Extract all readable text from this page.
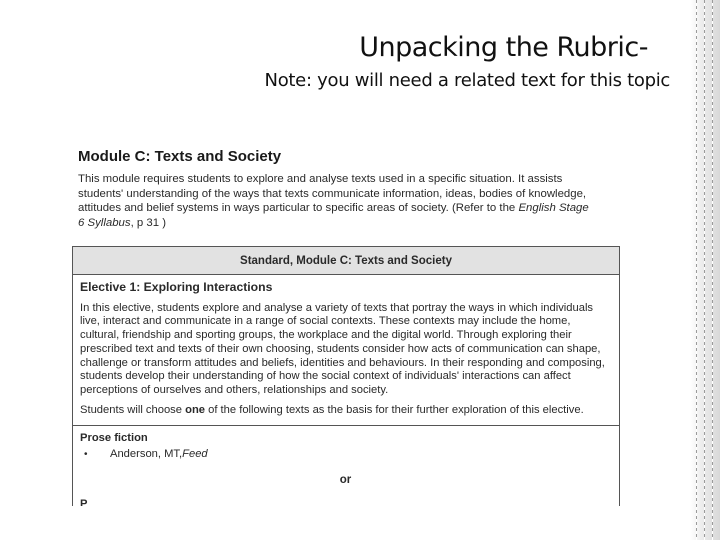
Unpacking the Rubric-
Note: you will need a related text for this topic
Module C: Texts and Society

This module requires students to explore and analyse texts used in a specific situation. It assists students' understanding of the ways that texts communicate information, ideas, bodies of knowledge, attitudes and belief systems in ways particular to specific areas of society. (Refer to the English Stage 6 Syllabus, p 31 )

Standard, Module C: Texts and Society

Elective 1: Exploring Interactions

In this elective, students explore and analyse a variety of texts that portray the ways in which individuals live, interact and communicate in a range of social contexts. These contexts may include the home, cultural, friendship and sporting groups, the workplace and the digital world. Through exploring their prescribed text and texts of their own choosing, students consider how acts of communication can shape, challenge or transform attitudes and beliefs, identities and behaviours. In their responding and composing, students develop their understanding of how the social context of individuals' interactions can affect perceptions of ourselves and others, relationships and society.

Students will choose one of the following texts as the basis for their further exploration of this elective.

Prose fiction

•	Anderson, MT, Feed

or

P
